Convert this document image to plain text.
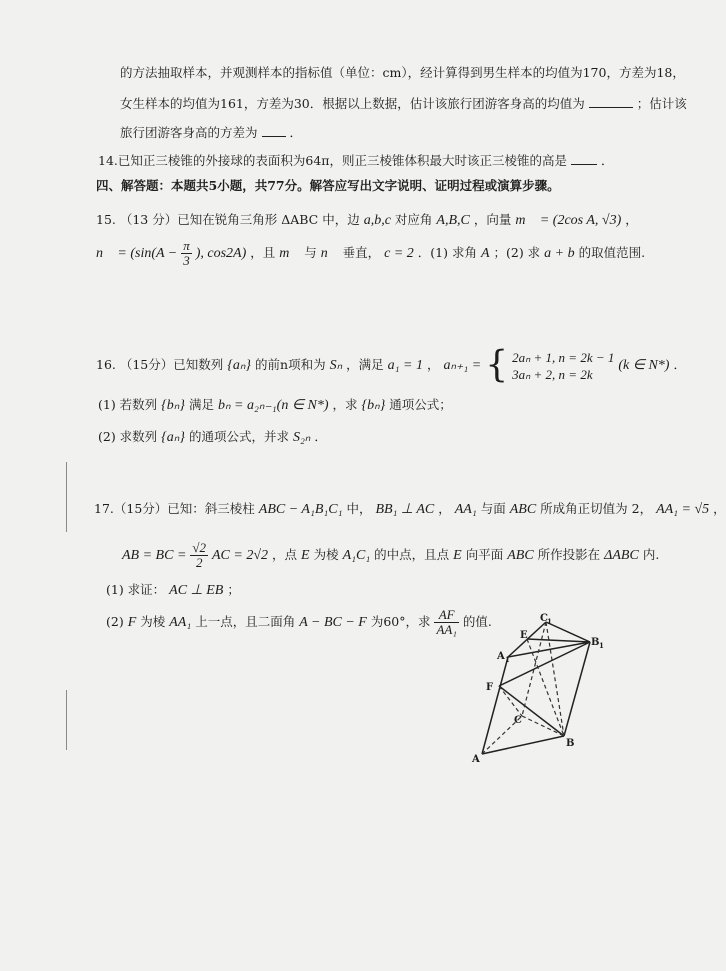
的方法抽取样本，并观测样本的指标值（单位：cm），经计算得到男生样本的均值为170，方差为18，
女生样本的均值为161，方差为30．根据以上数据，估计该旅行团游客身高的均值为	；估计该
旅行团游客身高的方差为	．
14.已知正三棱锥的外接球的表面积为64π，则正三棱锥体积最大时该正三棱锥的高是	．
四、解答题：本题共5小题，共77分。解答应写出文字说明、证明过程或演算步骤。
15. （13 分）已知在锐角三角形 ΔABC 中，边 a,b,c 对应角 A,B,C ，向量 m⃗ = (2cos A, √3) ，
n⃗ = ($\sin(A - \frac{\pi}{3}$ ), cos2A) ，且 m⃗ 与 n⃗ 垂直， c = 2 ．(1) 求角 A ；(2) 求 a + b 的取值范围.
16. （15分）已知数列 {aₙ} 的前n项和为 Sₙ ，满足 a₁ = 1 ， aₙ₊₁ = { 2aₙ + 1, n = 2k − 1
3aₙ + 2, n = 2k
(k ∈ N*) ．
(1) 若数列 {bₙ} 满足 bₙ = a₂ₙ₋₁(n ∈ N*) ，求 {bₙ} 通项公式；
(2) 求数列 {aₙ} 的通项公式，并求 S₂ₙ ．
17.（15分）已知：斜三棱柱 ABC − A₁B₁C₁ 中， BB₁ ⊥ AC ， AA₁ 与面 ABC 所成角正切值为 2， AA₁ = √5 ，
AB = BC = $\frac{√2}{2}$ AC = 2√2 ，点 E 为棱 A₁C₁ 的中点，且点 E 向平面 ABC 所作投影在 ΔABC 内.
(1) 求证： AC ⊥ EB ；
(2) F 为棱 AA₁ 上一点，且二面角 A − BC − F 为60°，求 $\frac{AF}{\text{AA₁}}$ 的值.	C
E
B
A
F
C
B
A
1
1
1
